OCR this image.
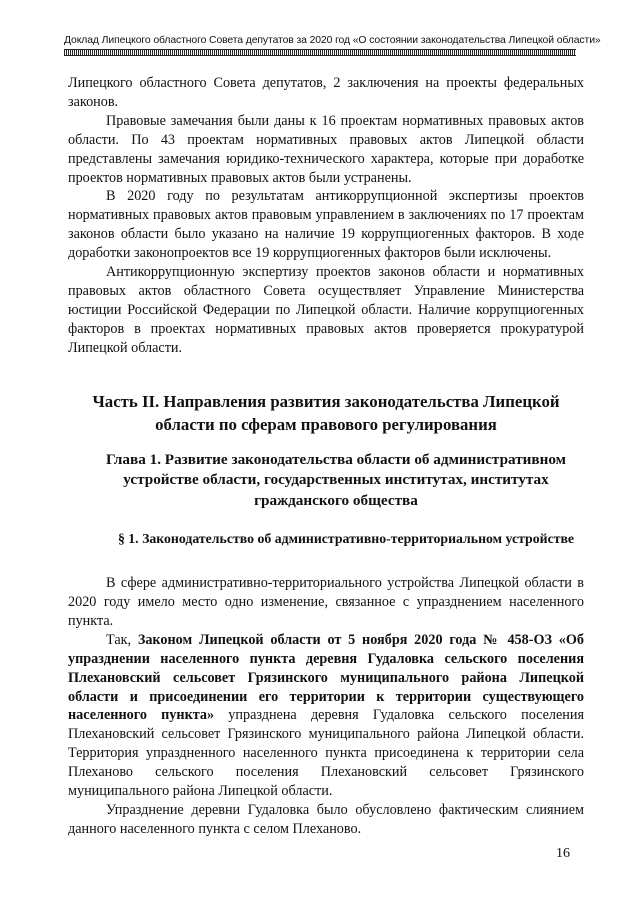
Доклад Липецкого областного Совета депутатов за 2020 год «О состоянии законодательства Липецкой области»

Липецкого областного Совета депутатов, 2 заключения на проекты федеральных законов.

Правовые замечания были даны к 16 проектам нормативных правовых актов области. По 43 проектам нормативных правовых актов Липецкой области представлены замечания юридико-технического характера, которые при доработке проектов нормативных правовых актов были устранены.

В 2020 году по результатам антикоррупционной экспертизы проектов нормативных правовых актов правовым управлением в заключениях по 17 проектам законов области было указано на наличие 19 коррупциогенных факторов. В ходе доработки законопроектов все 19 коррупциогенных факторов были исключены.

Антикоррупционную экспертизу проектов законов области и нормативных правовых актов областного Совета осуществляет Управление Министерства юстиции Российской Федерации по Липецкой области. Наличие коррупциогенных факторов в проектах нормативных правовых актов проверяется прокуратурой Липецкой области.

Часть II. Направления развития законодательства Липецкой области по сферам правового регулирования

Глава 1. Развитие законодательства области об административном устройстве области, государственных институтах, институтах гражданского общества

§ 1. Законодательство об административно-территориальном устройстве

В сфере административно-территориального устройства Липецкой области в 2020 году имело место одно изменение, связанное с упразднением населенного пункта.

Так, Законом Липецкой области от 5 ноября 2020 года № 458-ОЗ «Об упразднении населенного пункта деревня Гудаловка сельского поселения Плехановский сельсовет Грязинского муниципального района Липецкой области и присоединении его территории к территории существующего населенного пункта» упразднена деревня Гудаловка сельского поселения Плехановский сельсовет Грязинского муниципального района Липецкой области. Территория упраздненного населенного пункта присоединена к территории села Плеханово сельского поселения Плехановский сельсовет Грязинского муниципального района Липецкой области.

Упразднение деревни Гудаловка было обусловлено фактическим слиянием данного населенного пункта с селом Плеханово.

16
